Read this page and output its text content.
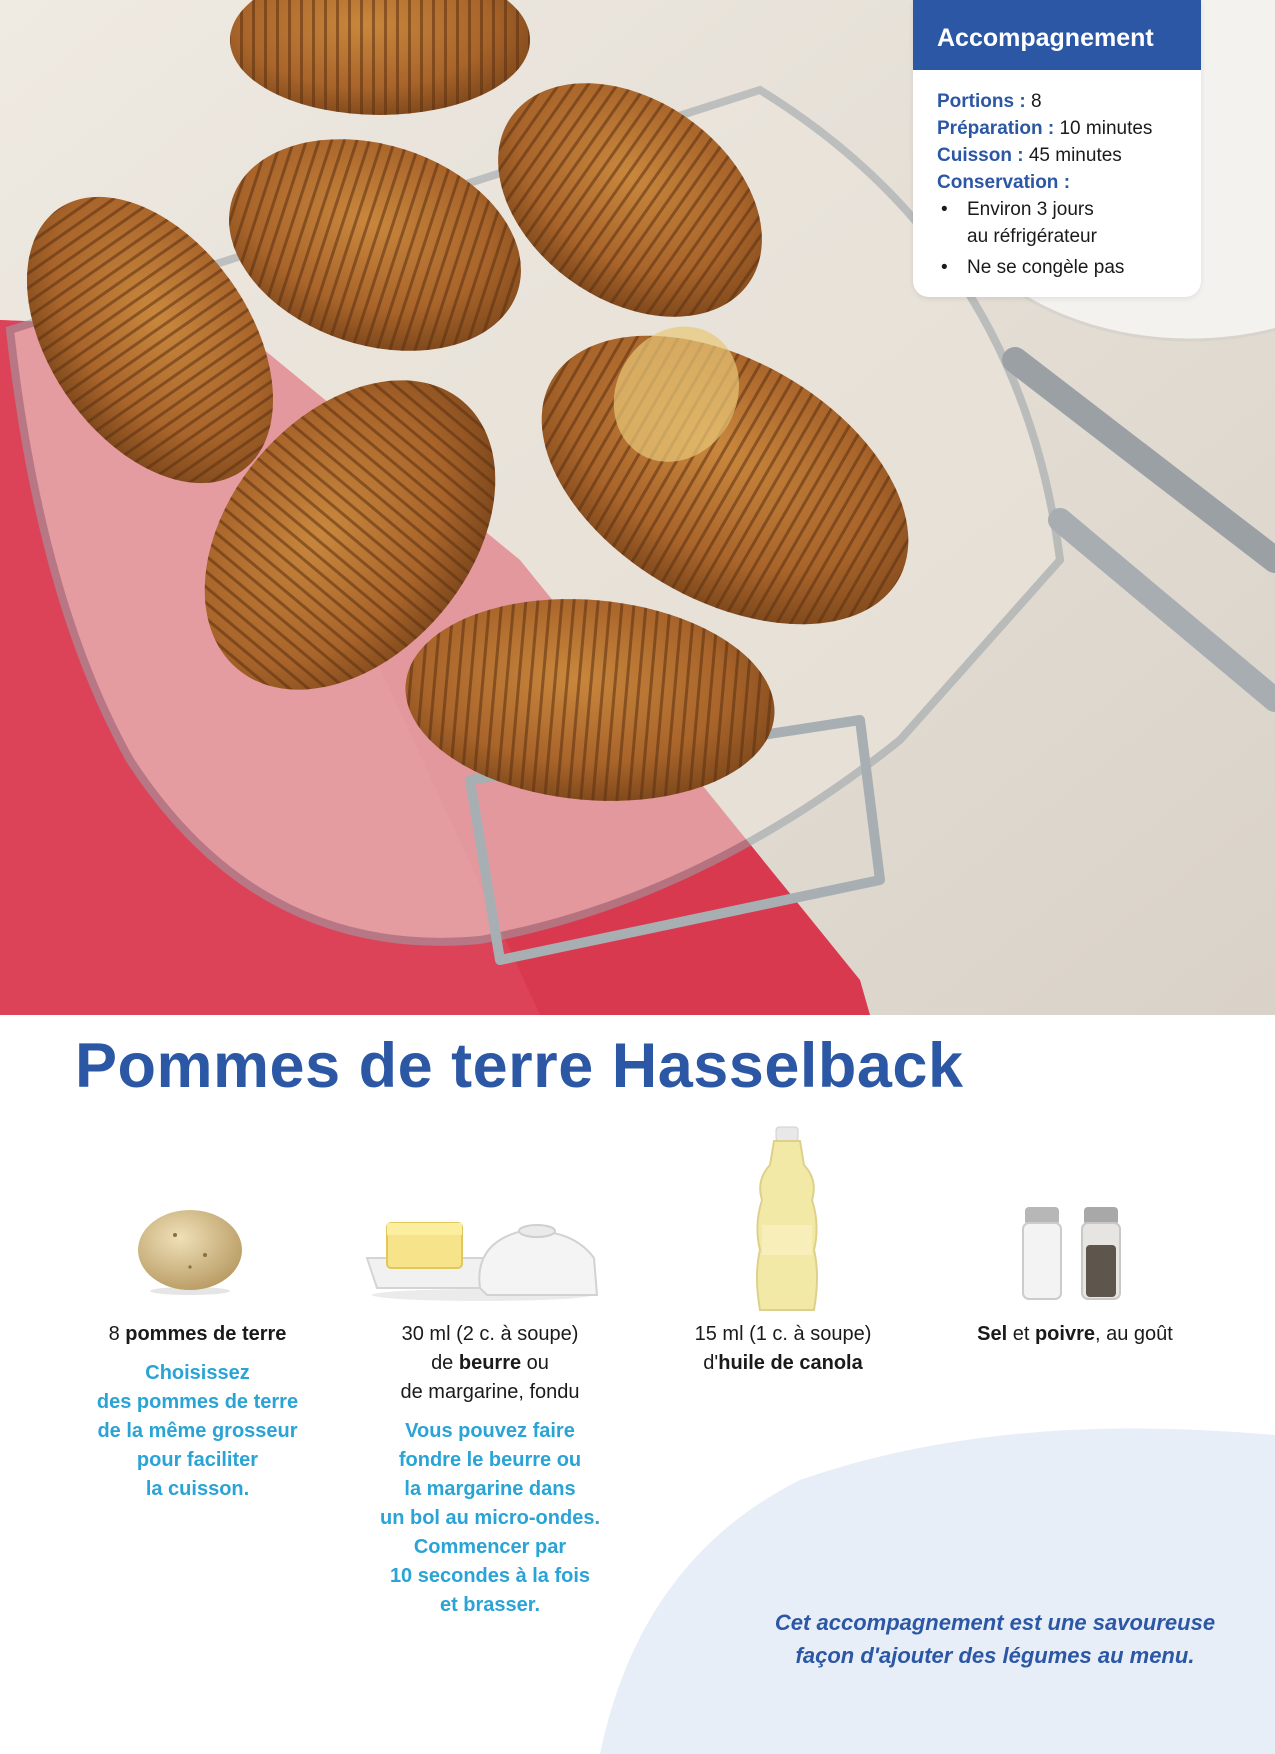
Accompagnement
Portions : 8
Préparation : 10 minutes
Cuisson : 45 minutes
Conservation :
• Environ 3 jours
au réfrigérateur
• Ne se congèle pas
Pommes de terre Hasselback
Cet accompagnement est une savoureuse
façon d'ajouter des légumes au menu.
8 pommes de terre
Choisissez
des pommes de terre
de la même grosseur
pour faciliter
la cuisson.
30 ml (2 c. à soupe)
de beurre ou
de margarine, fondu
Vous pouvez faire
fondre le beurre ou
la margarine dans
un bol au micro-ondes.
Commencer par
10 secondes à la fois
et brasser.
15 ml (1 c. à soupe)
d'huile de canola
Sel et poivre, au goût
